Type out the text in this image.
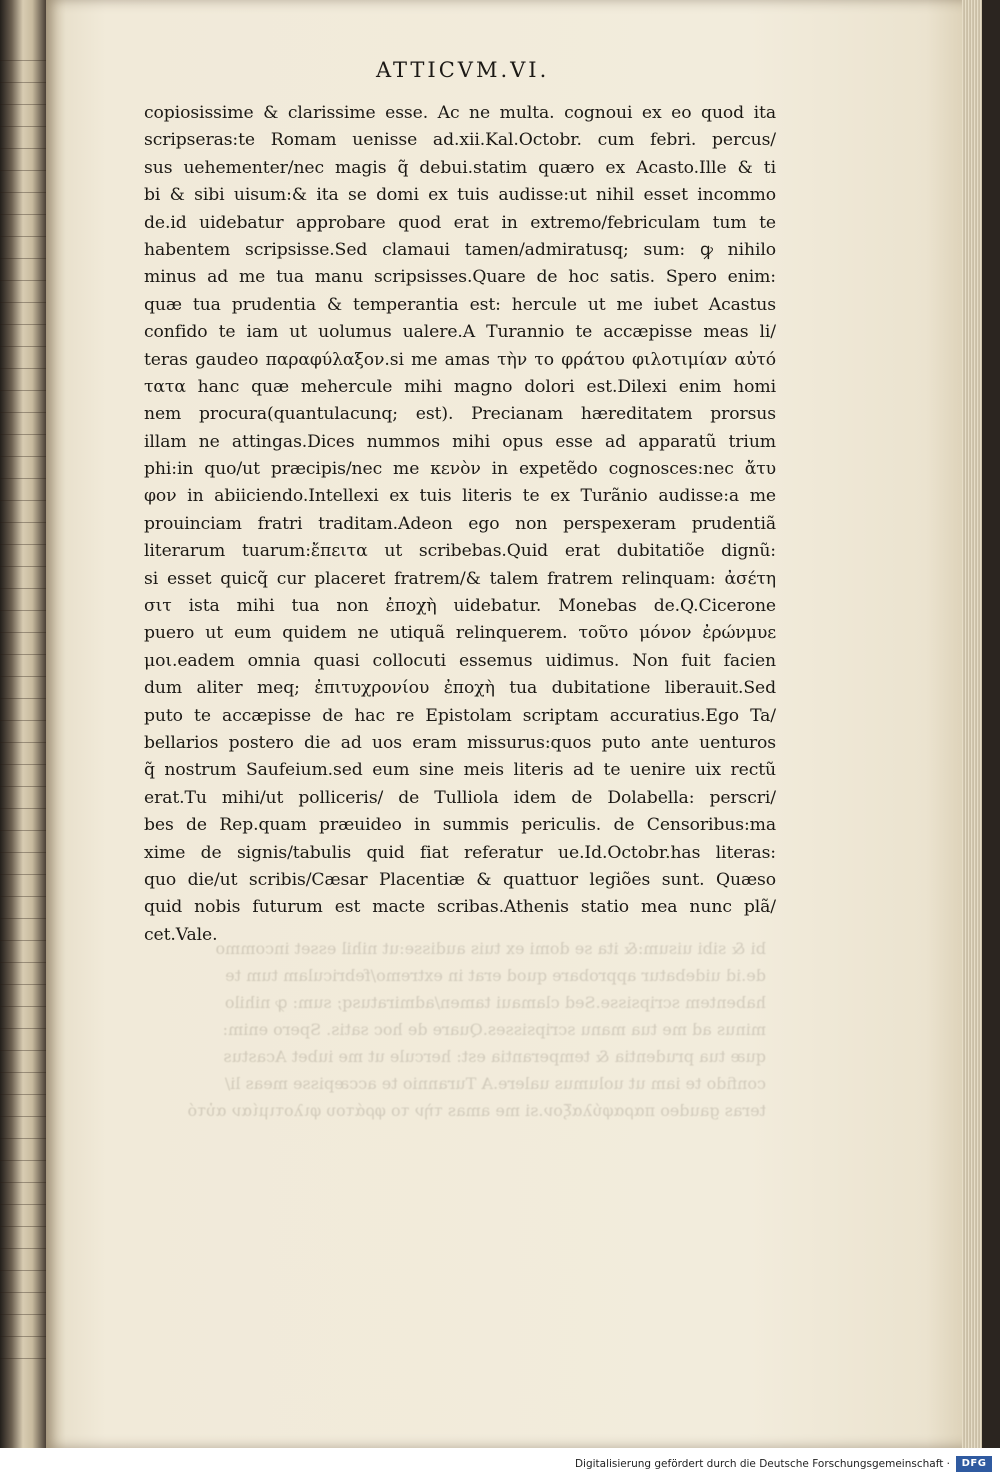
ATTICVM.VI.
copiosissime & clarissime esse. Ac ne multa. cognoui ex eo quod ita
scripseras:te Romam uenisse ad.xii.Kal.Octobr. cum febri. percus/
sus uehementer/nec magis q̃ debui.statim quæro ex Acasto.Ille & ti
bi & sibi uisum:& ita se domi ex tuis audisse:ut nihil esset incommo
de.id uidebatur approbare quod erat in extremo/febriculam tum te
habentem scripsisse.Sed clamaui tamen/admiratusq; sum: ꝙ nihilo
minus ad me tua manu scripsisses.Quare de hoc satis. Spero enim:
quæ tua prudentia & temperantia est: hercule ut me iubet Acastus
confido te iam ut uolumus ualere.A Turannio te accæpisse meas li/
teras gaudeo παραφύλαξον.si me amas τὴν το φράτου φιλοτιμίαν αὐτό
τατα hanc quæ mehercule mihi magno dolori est.Dilexi enim homi
nem procura(quantulacunq; est). Precianam hæreditatem prorsus
illam ne attingas.Dices nummos mihi opus esse ad apparatũ trium
phi:in quo/ut præcipis/nec me κενὸν in expetẽdo cognosces:nec ἄτυ
φον in abiiciendo.Intellexi ex tuis literis te ex Turãnio audisse:a me
prouinciam fratri traditam.Adeon ego non perspexeram prudentiã
literarum tuarum:ἔπειτα ut scribebas.Quid erat dubitatiõe dignũ:
si esset quicq̃ cur placeret fratrem/& talem fratrem relinquam: ἀσέτη
σιτ ista mihi tua non ἐποχὴ uidebatur. Monebas de.Q.Cicerone
puero ut eum quidem ne utiquã relinquerem. τοῦτο μόνον ἐρώνμυε
μοι.eadem omnia quasi collocuti essemus uidimus. Non fuit facien
dum aliter meq; ἐπιτυχρονίου ἐποχὴ tua dubitatione liberauit.Sed
puto te accæpisse de hac re Epistolam scriptam accuratius.Ego Ta/
bellarios postero die ad uos eram missurus:quos puto ante uenturos
q̃ nostrum Saufeium.sed eum sine meis literis ad te uenire uix rectũ
erat.Tu mihi/ut polliceris/ de Tulliola idem de Dolabella: perscri/
bes de Rep.quam præuideo in summis periculis. de Censoribus:ma
xime de signis/tabulis quid fiat referatur ue.Id.Octobr.has literas:
quo die/ut scribis/Cæsar Placentiæ & quattuor legiões sunt. Quæso
quid nobis futurum est macte scribas.Athenis statio mea nunc plã/
cet.Vale.
bi & sibi uisum:& ita se domi ex tuis audisse:ut nihil esset incommo
de.id uidebatur approbare quod erat in extremo/febriculam tum te
habentem scripsisse.Sed clamaui tamen/admiratusq; sum: ꝙ nihilo
minus ad me tua manu scripsisses.Quare de hoc satis. Spero enim:
quæ tua prudentia & temperantia est: hercule ut me iubet Acastus
confido te iam ut uolumus ualere.A Turannio te accæpisse meas li/
teras gaudeo παραφύλαξον.si me amas τὴν το φράτου φιλοτιμίαν αὐτό
Digitalisierung gefördert durch die Deutsche Forschungsgemeinschaft ·	DFG
